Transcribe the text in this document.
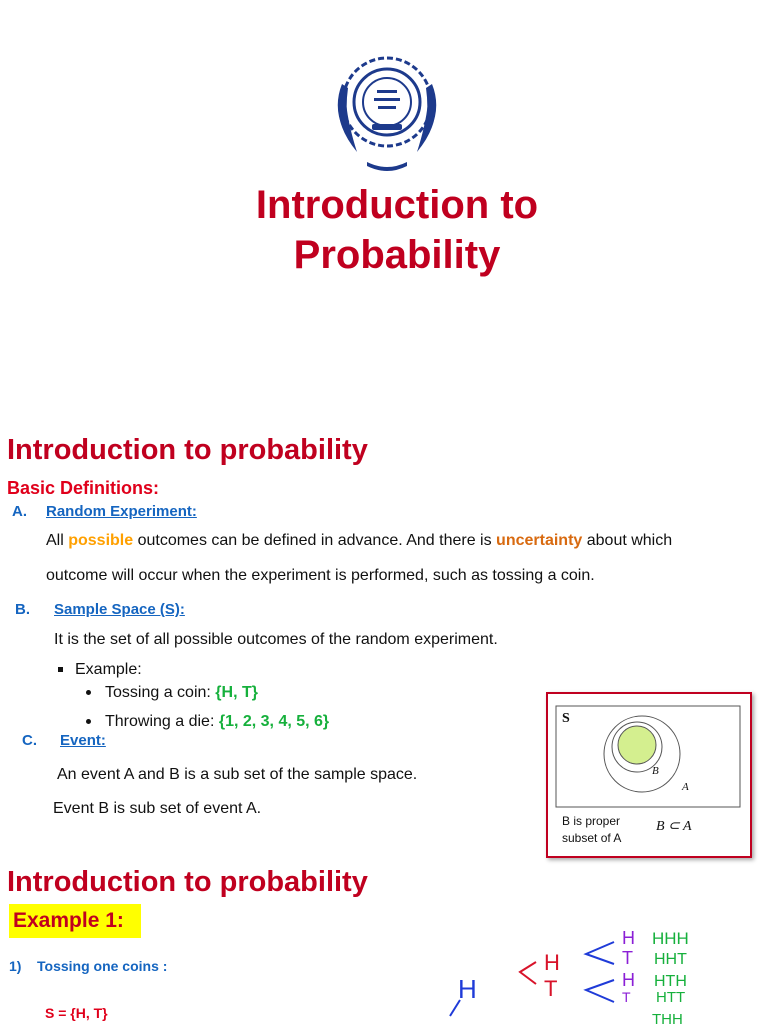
Introduction to
Probability
Introduction to probability
Basic Definitions:
A. Random Experiment:
All possible outcomes can be defined in advance. And there is uncertainty about which
outcome will occur when the experiment is performed, such as tossing a coin.
B. Sample Space (S):
It is the set of all possible outcomes of the random experiment.
Example:
Tossing a coin: {H, T}
Throwing a die: {1, 2, 3, 4, 5, 6}
C. Event:
An event A and B is a sub set of the sample space.
Event B is sub set of event A.
S
B
A
B is proper
subset of A
B ⊂ A
Introduction to probability
Example 1:
1)    Tossing one coins :
S = {H, T}
H
H
T
H
T
H
T
HHH
HHT
HTH
HTT
THH
